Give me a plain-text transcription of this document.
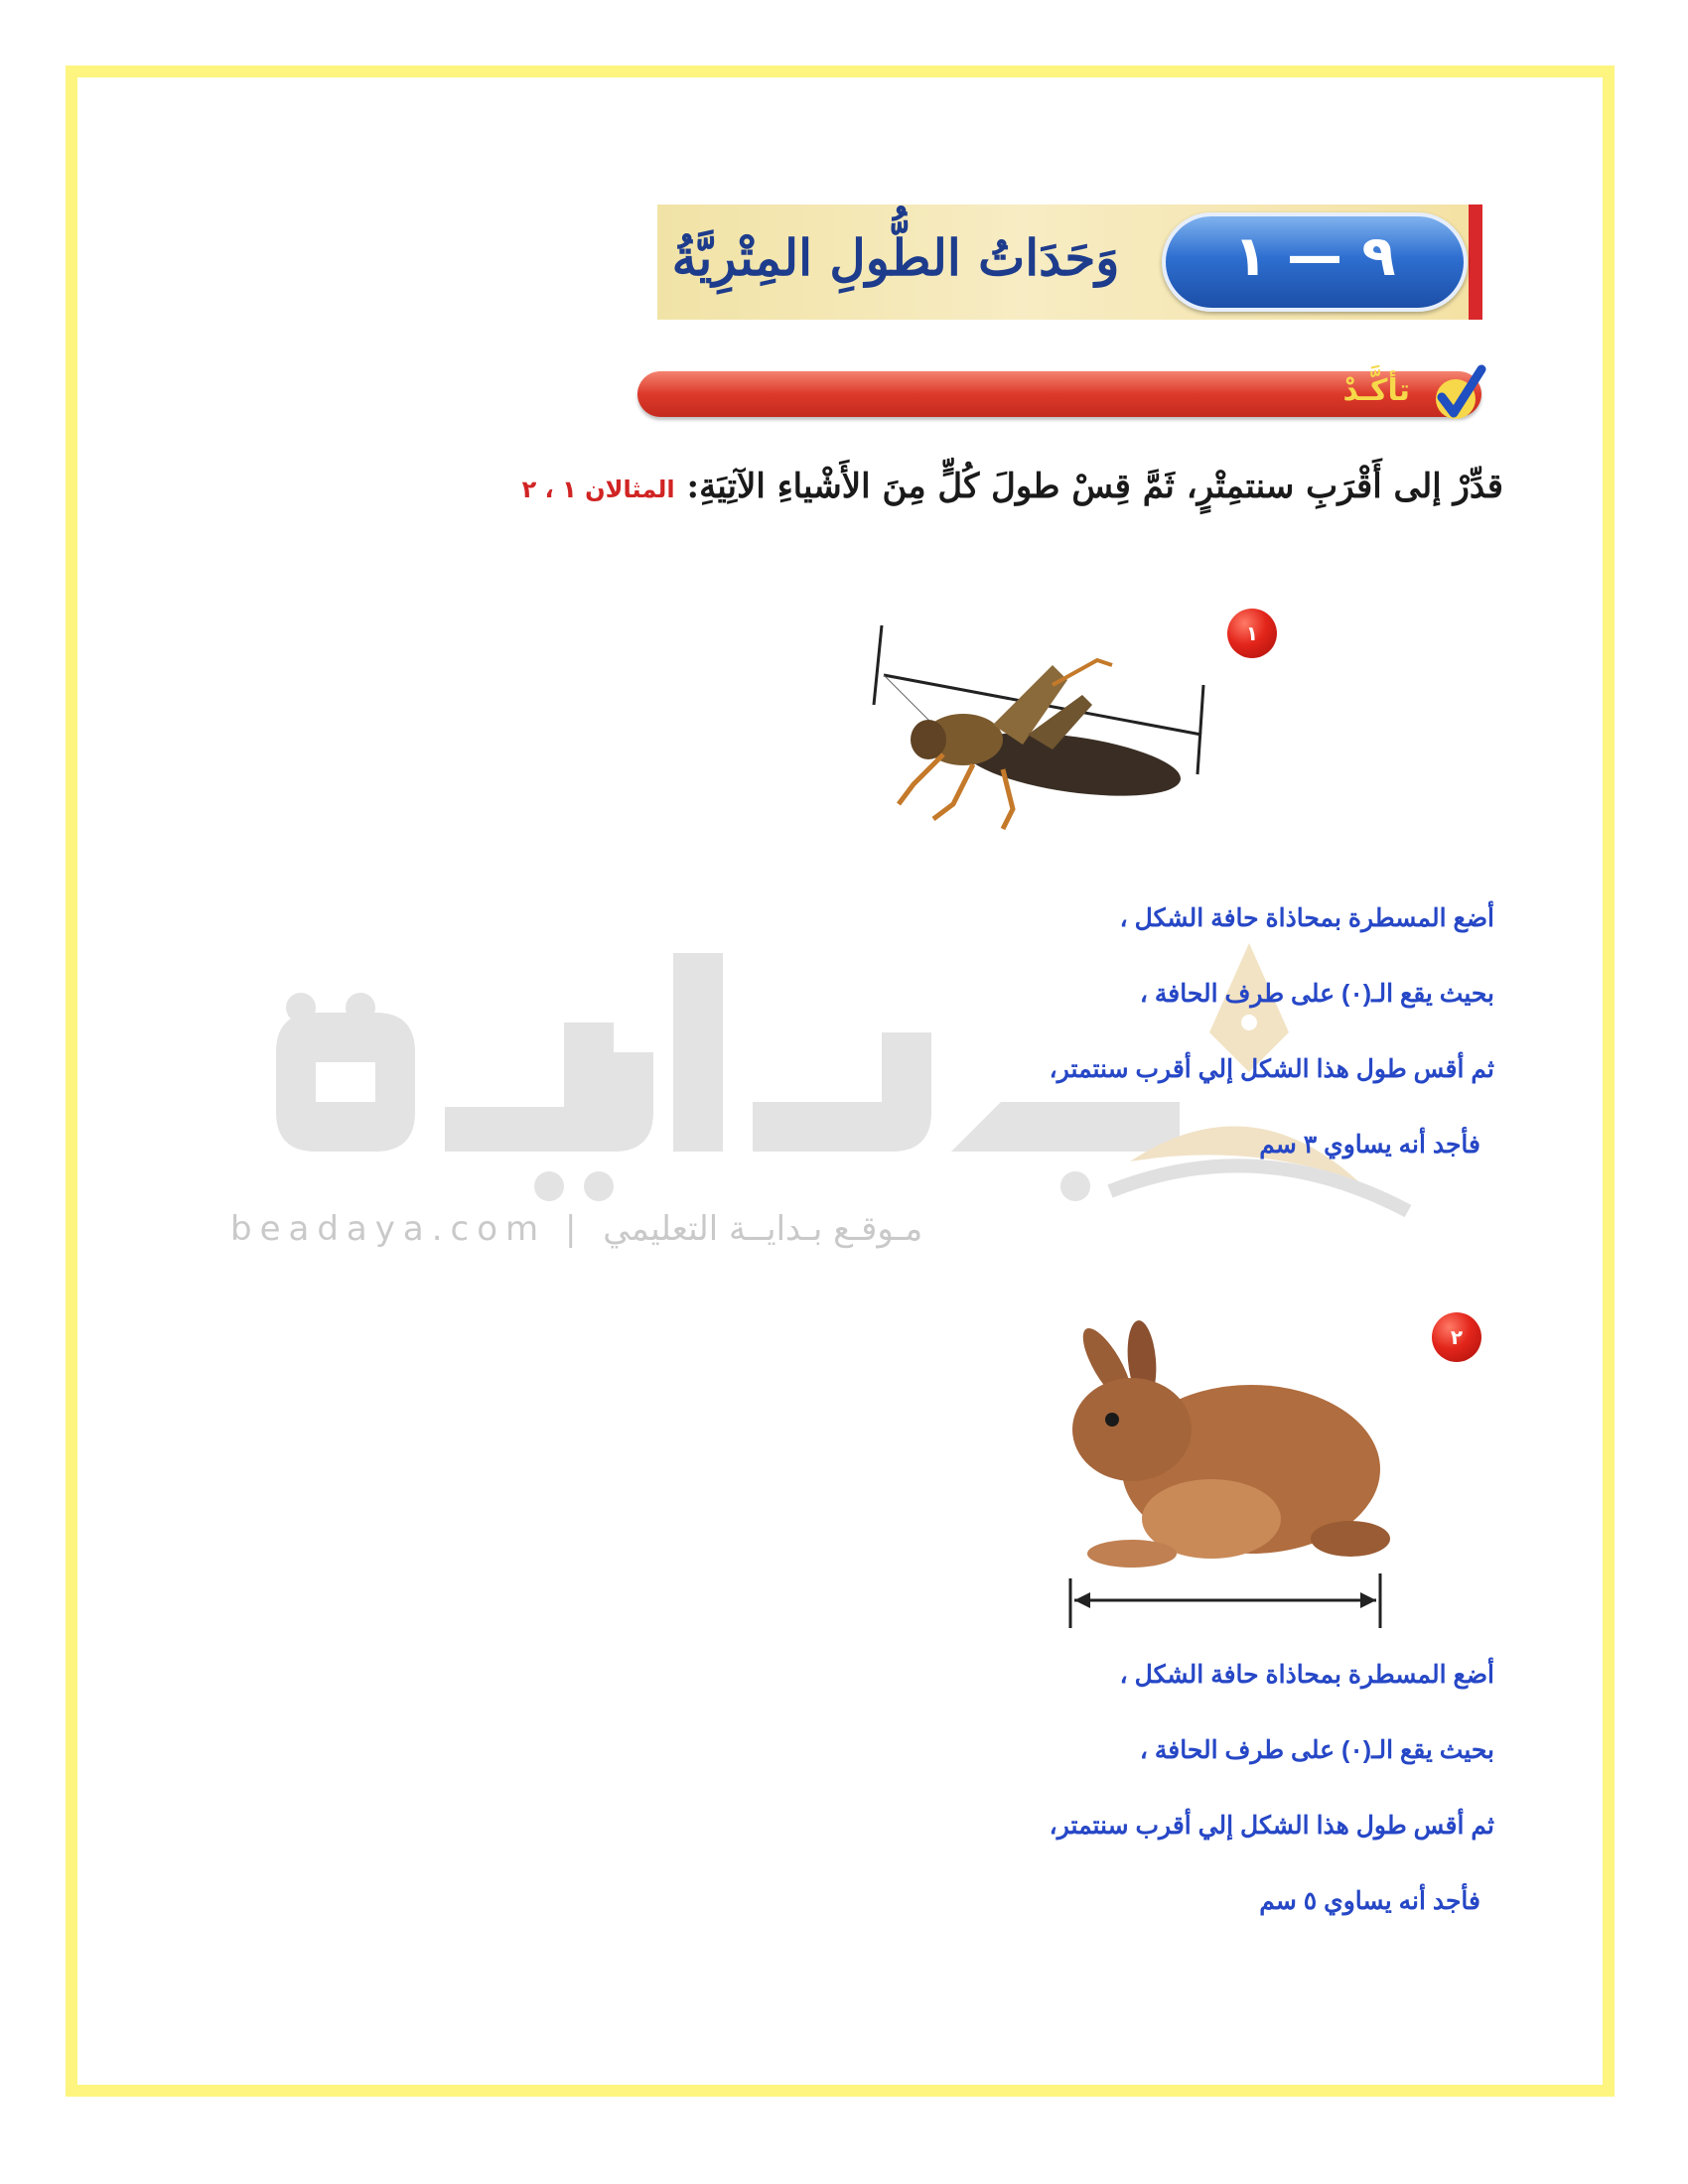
beadaya.com | مـوقـع بـدايــة التعليمي
وَحَدَاتُ الطُّولِ المِتْرِيَّةُ	٩ — ١
تأكَّـدْ
قدِّرْ إلى أَقْرَبِ سنتمِتْرٍ، ثَمَّ قِسْ طولَ كُلٍّ مِنَ الأَشْياءِ الآتِيَةِ: المثالان ١ ، ٢
١
أضع المسطرة بمحاذاة حافة الشكل ،
بحيث يقع الـ(٠) على طرف الحافة ،
ثم أقس طول هذا الشكل إلي أقرب سنتمتر،
فأجد أنه يساوي ٣ سم
٢
أضع المسطرة بمحاذاة حافة الشكل ،
بحيث يقع الـ(٠) على طرف الحافة ،
ثم أقس طول هذا الشكل إلي أقرب سنتمتر،
فأجد أنه يساوي ٥ سم
